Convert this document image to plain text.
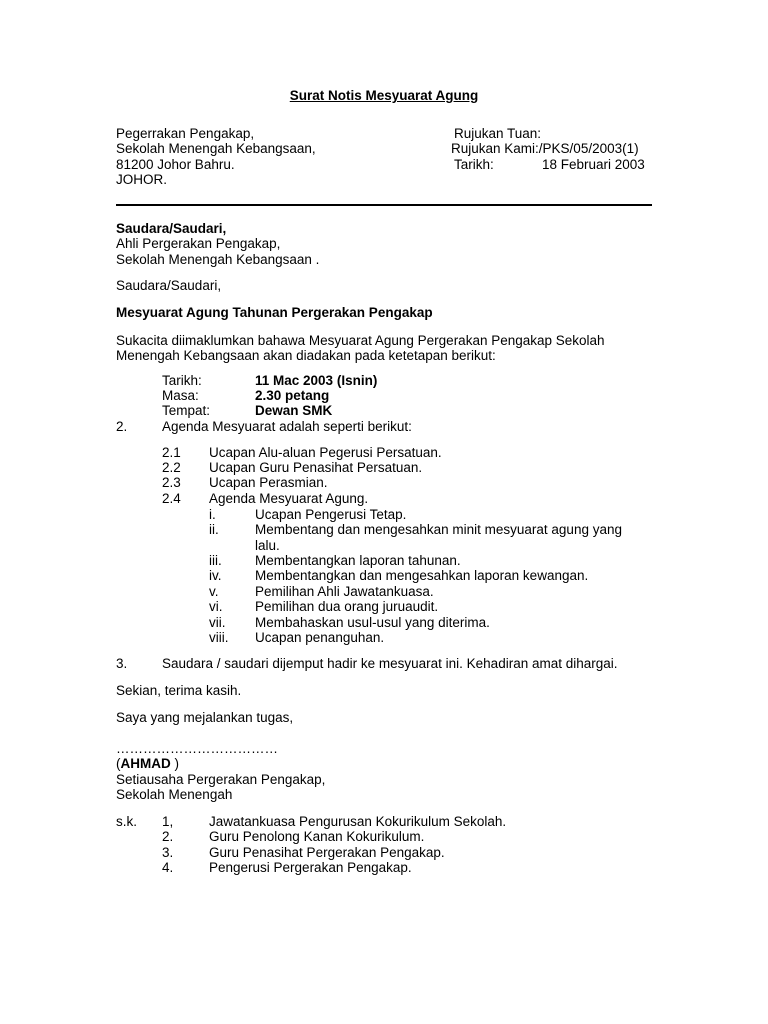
Surat Notis Mesyuarat Agung
Pegerrakan Pengakap,
Sekolah Menengah Kebangsaan,
81200 Johor Bahru.
JOHOR.
Rujukan Tuan:
Rujukan Kami:/PKS/05/2003(1)
Tarikh:	18 Februari 2003
Saudara/Saudari,
Ahli Pergerakan Pengakap,
Sekolah Menengah Kebangsaan .
Saudara/Saudari,
Mesyuarat Agung Tahunan Pergerakan Pengakap
Sukacita diimaklumkan bahawa Mesyuarat Agung Pergerakan Pengakap Sekolah
Menengah Kebangsaan akan diadakan pada ketetapan berikut:
Tarikh:	11 Mac 2003 (Isnin)
Masa:	2.30 petang
Tempat:	Dewan SMK
2.	Agenda Mesyuarat adalah seperti berikut:
2.1 Ucapan Alu-aluan Pegerusi Persatuan.
2.2 Ucapan Guru Penasihat Persatuan.
2.3 Ucapan Perasmian.
2.4 Agenda Mesyuarat Agung.
i.	Ucapan Pengerusi Tetap.
ii.	Membentang dan mengesahkan minit mesyuarat agung yang
lalu.
iii. Membentangkan laporan tahunan.
iv. Membentangkan dan mengesahkan laporan kewangan.
v.	Pemilihan Ahli Jawatankuasa.
vi. Pemilihan dua orang juruaudit.
vii. Membahaskan usul-usul yang diterima.
viii. Ucapan penanguhan.
3.	Saudara / saudari dijemput hadir ke mesyuarat ini. Kehadiran amat dihargai.
Sekian, terima kasih.
Saya yang mejalankan tugas,
………………………………
(AHMAD )
Setiausaha Pergerakan Pengakap,
Sekolah Menengah
s.k. 1,	Jawatankuasa Pengurusan Kokurikulum Sekolah.
2.	Guru Penolong Kanan Kokurikulum.
3.	Guru Penasihat Pergerakan Pengakap.
4.	Pengerusi Pergerakan Pengakap.
